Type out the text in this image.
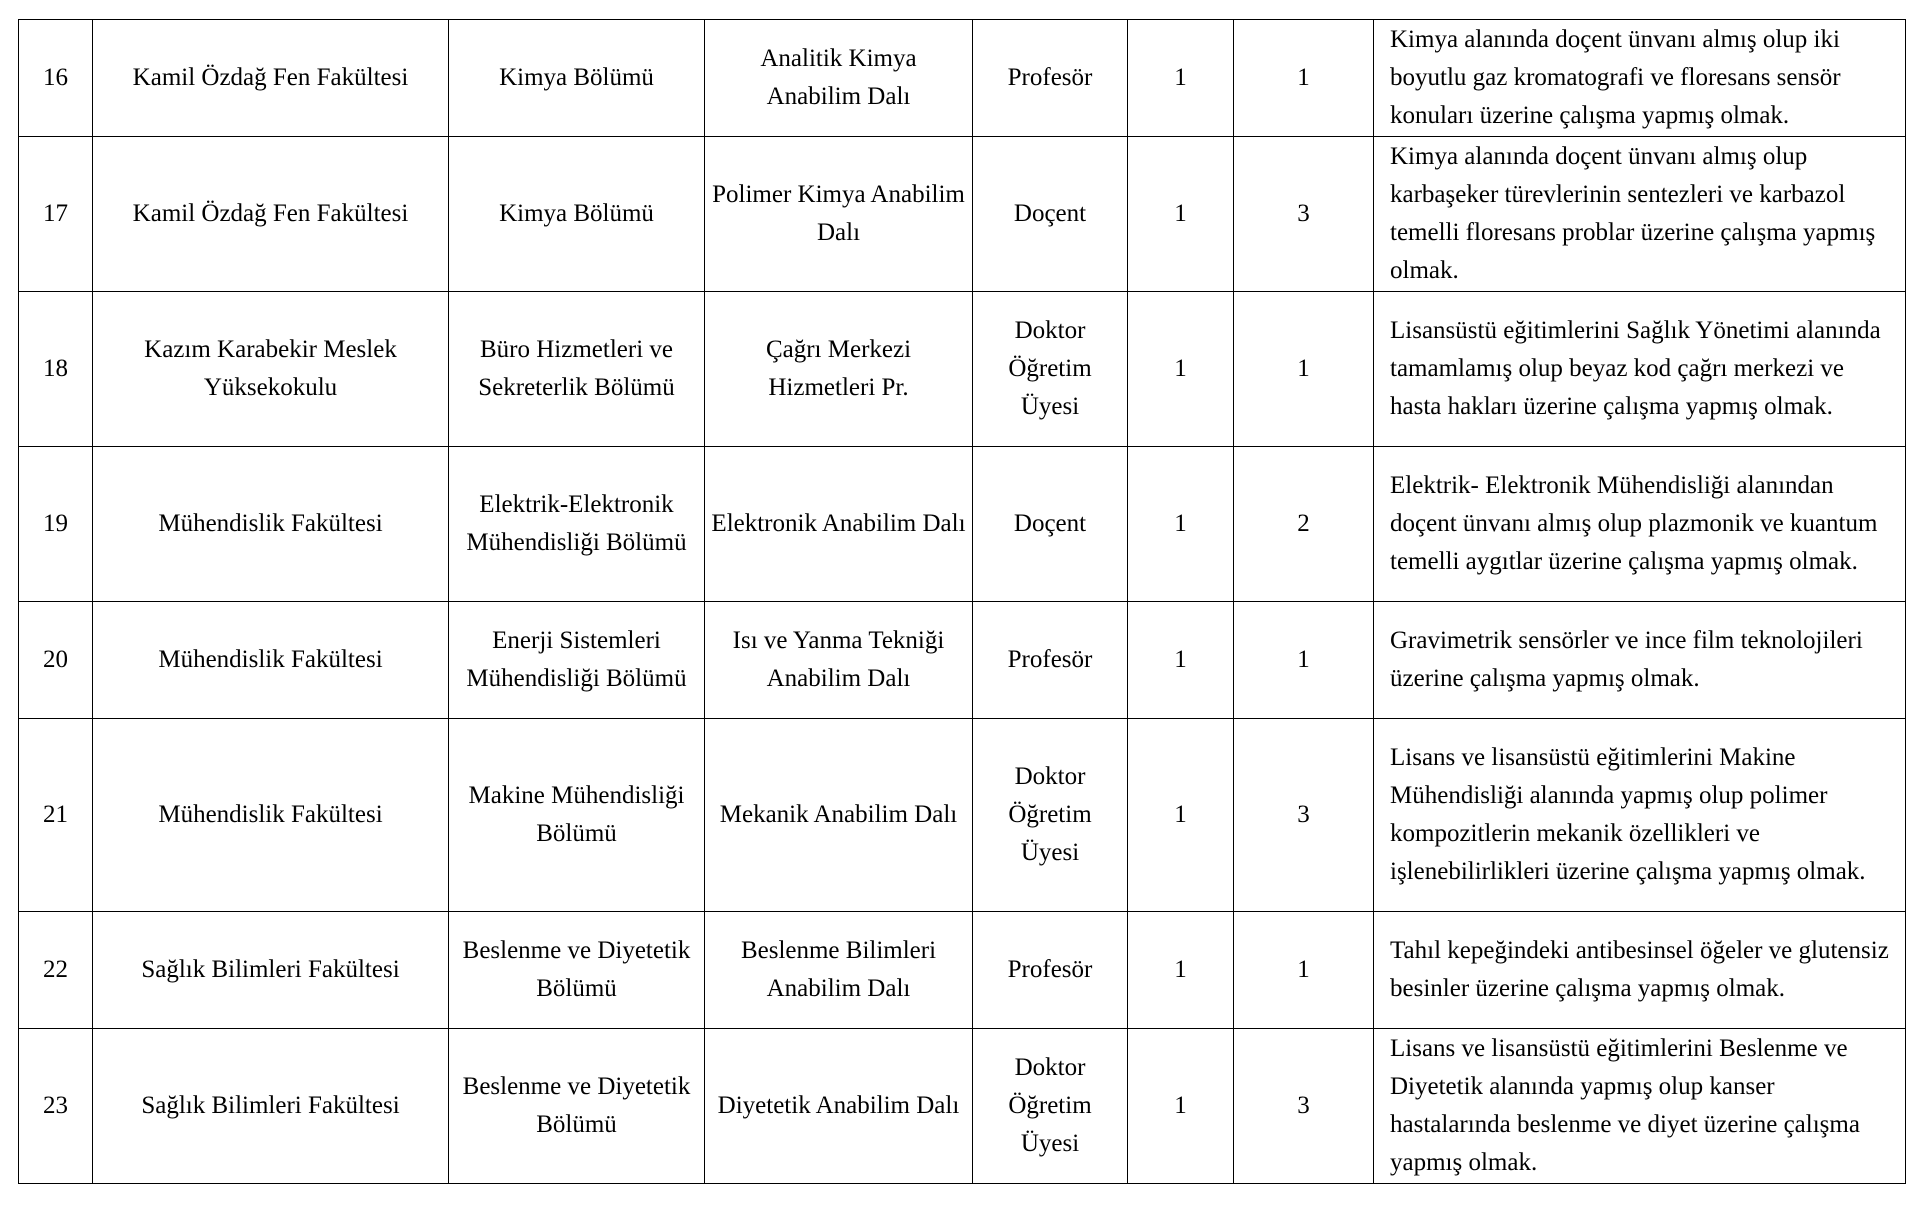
16	Kamil Özdağ Fen Fakültesi	Kimya Bölümü	Analitik Kimya Anabilim Dalı	Profesör	1	1	Kimya alanında doçent ünvanı almış olup iki boyutlu gaz kromatografi ve floresans sensör konuları üzerine çalışma yapmış olmak.
17	Kamil Özdağ Fen Fakültesi	Kimya Bölümü	Polimer Kimya Anabilim Dalı	Doçent	1	3	Kimya alanında doçent ünvanı almış olup karbaşeker türevlerinin sentezleri ve karbazol temelli floresans problar üzerine çalışma yapmış olmak.
18	Kazım Karabekir Meslek Yüksekokulu	Büro Hizmetleri ve Sekreterlik Bölümü	Çağrı Merkezi Hizmetleri Pr.	Doktor Öğretim Üyesi	1	1	Lisansüstü eğitimlerini Sağlık Yönetimi alanında tamamlamış olup beyaz kod çağrı merkezi ve hasta hakları üzerine çalışma yapmış olmak.
19	Mühendislik Fakültesi	Elektrik-Elektronik Mühendisliği Bölümü	Elektronik Anabilim Dalı	Doçent	1	2	Elektrik- Elektronik Mühendisliği alanından doçent ünvanı almış olup plazmonik ve kuantum temelli aygıtlar üzerine çalışma yapmış olmak.
20	Mühendislik Fakültesi	Enerji Sistemleri Mühendisliği Bölümü	Isı ve Yanma Tekniği Anabilim Dalı	Profesör	1	1	Gravimetrik sensörler ve ince film teknolojileri üzerine çalışma yapmış olmak.
21	Mühendislik Fakültesi	Makine Mühendisliği Bölümü	Mekanik Anabilim Dalı	Doktor Öğretim Üyesi	1	3	Lisans ve lisansüstü eğitimlerini Makine Mühendisliği alanında yapmış olup polimer kompozitlerin mekanik özellikleri ve işlenebilirlikleri üzerine çalışma yapmış olmak.
22	Sağlık Bilimleri Fakültesi	Beslenme ve Diyetetik Bölümü	Beslenme Bilimleri Anabilim Dalı	Profesör	1	1	Tahıl kepeğindeki antibesinsel öğeler ve glutensiz besinler üzerine çalışma yapmış olmak.
23	Sağlık Bilimleri Fakültesi	Beslenme ve Diyetetik Bölümü	Diyetetik Anabilim Dalı	Doktor Öğretim Üyesi	1	3	Lisans ve lisansüstü eğitimlerini Beslenme ve Diyetetik alanında yapmış olup kanser hastalarında beslenme ve diyet üzerine çalışma yapmış olmak.
